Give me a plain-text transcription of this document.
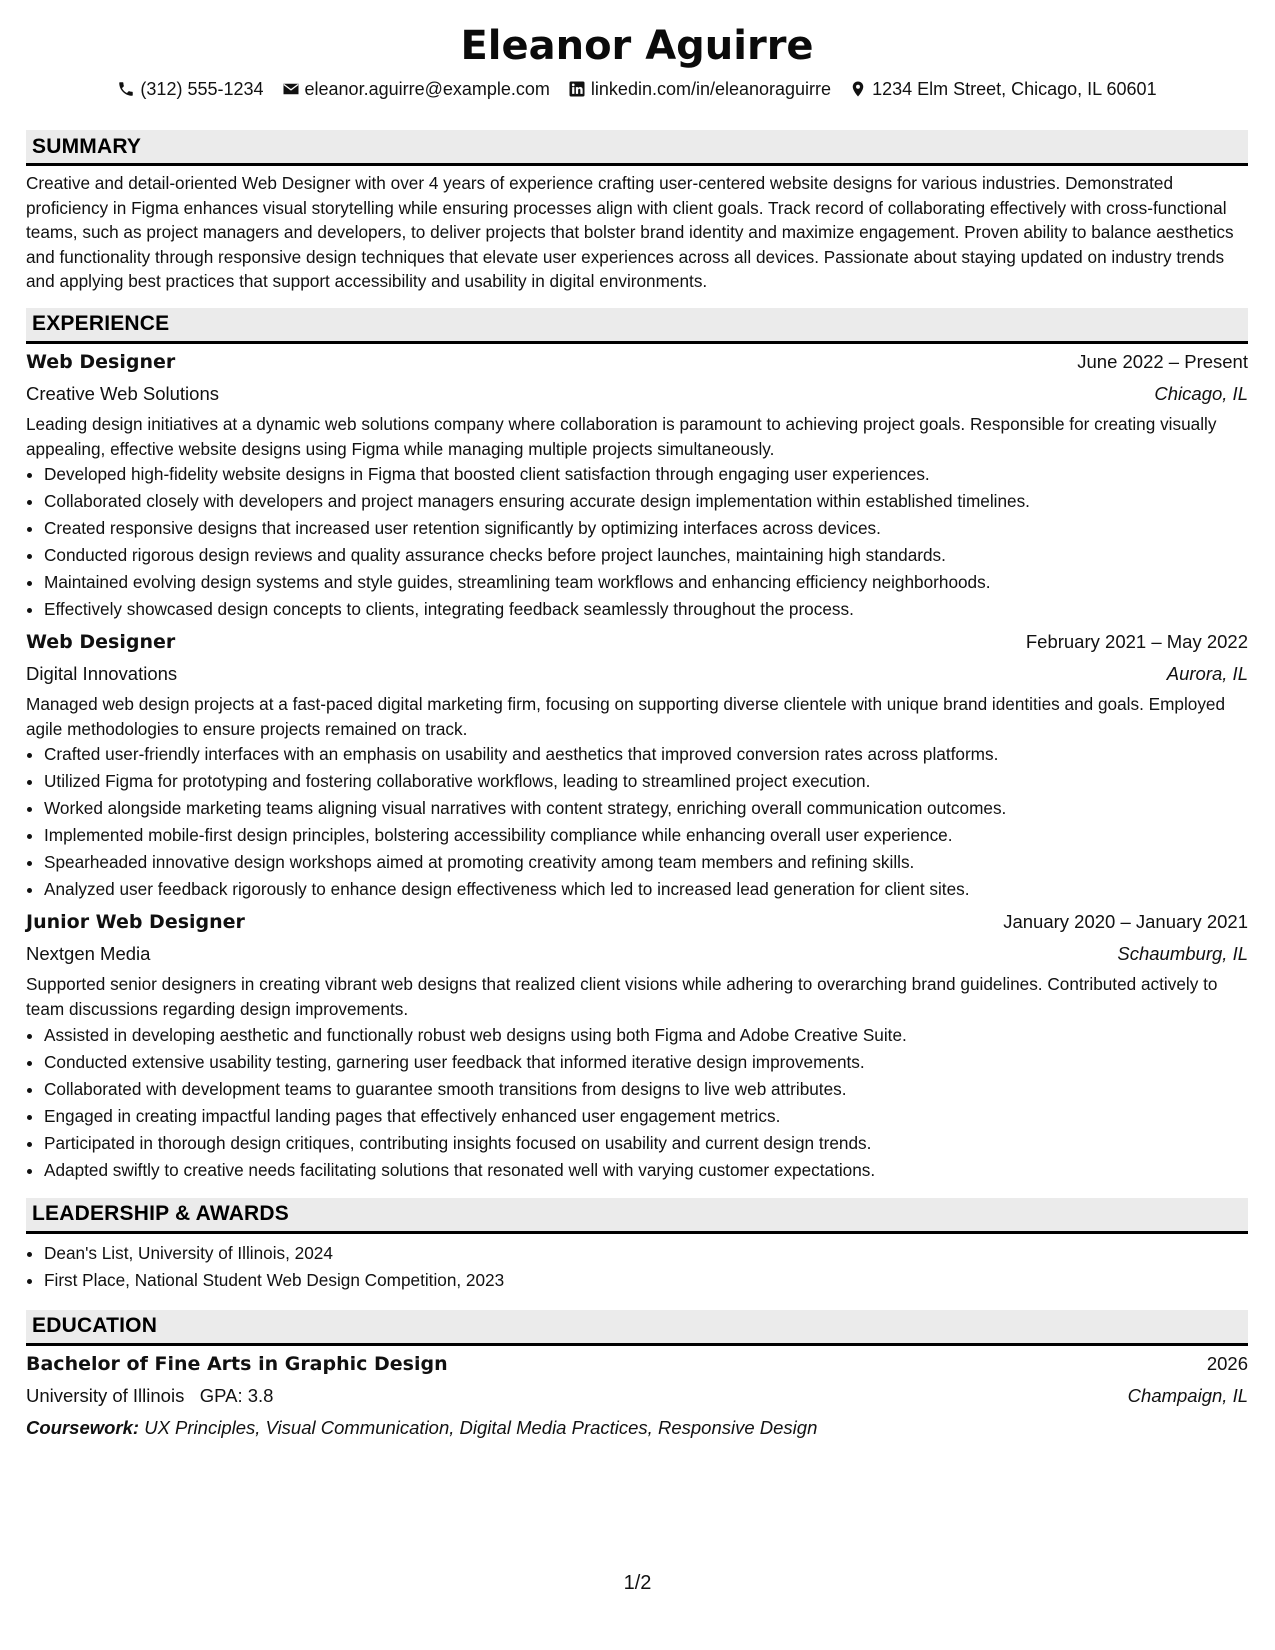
Eleanor Aguirre
(312) 555-1234 eleanor.aguirre@example.com linkedin.com/in/eleanoraguirre 1234 Elm Street, Chicago, IL 60601
SUMMARY

Creative and detail-oriented Web Designer with over 4 years of experience crafting user-centered website designs for various industries. Demonstrated proficiency in Figma enhances visual storytelling while ensuring processes align with client goals. Track record of collaborating effectively with cross-functional teams, such as project managers and developers, to deliver projects that bolster brand identity and maximize engagement. Proven ability to balance aesthetics and functionality through responsive design techniques that elevate user experiences across all devices. Passionate about staying updated on industry trends and applying best practices that support accessibility and usability in digital environments.

EXPERIENCE
Web Designer	June 2022 – Present
Creative Web Solutions	Chicago, IL

Leading design initiatives at a dynamic web solutions company where collaboration is paramount to achieving project goals. Responsible for creating visually appealing, effective website designs using Figma while managing multiple projects simultaneously.

• Developed high-fidelity website designs in Figma that boosted client satisfaction through engaging user experiences.
• Collaborated closely with developers and project managers ensuring accurate design implementation within established timelines.
• Created responsive designs that increased user retention significantly by optimizing interfaces across devices.
• Conducted rigorous design reviews and quality assurance checks before project launches, maintaining high standards.
• Maintained evolving design systems and style guides, streamlining team workflows and enhancing efficiency neighborhoods.
• Effectively showcased design concepts to clients, integrating feedback seamlessly throughout the process.
Web Designer	February 2021 – May 2022
Digital Innovations	Aurora, IL

Managed web design projects at a fast-paced digital marketing firm, focusing on supporting diverse clientele with unique brand identities and goals. Employed agile methodologies to ensure projects remained on track.

• Crafted user-friendly interfaces with an emphasis on usability and aesthetics that improved conversion rates across platforms.
• Utilized Figma for prototyping and fostering collaborative workflows, leading to streamlined project execution.
• Worked alongside marketing teams aligning visual narratives with content strategy, enriching overall communication outcomes.
• Implemented mobile-first design principles, bolstering accessibility compliance while enhancing overall user experience.
• Spearheaded innovative design workshops aimed at promoting creativity among team members and refining skills.
• Analyzed user feedback rigorously to enhance design effectiveness which led to increased lead generation for client sites.
Junior Web Designer	January 2020 – January 2021
Nextgen Media	Schaumburg, IL

Supported senior designers in creating vibrant web designs that realized client visions while adhering to overarching brand guidelines. Contributed actively to team discussions regarding design improvements.

• Assisted in developing aesthetic and functionally robust web designs using both Figma and Adobe Creative Suite.
• Conducted extensive usability testing, garnering user feedback that informed iterative design improvements.
• Collaborated with development teams to guarantee smooth transitions from designs to live web attributes.
• Engaged in creating impactful landing pages that effectively enhanced user engagement metrics.
• Participated in thorough design critiques, contributing insights focused on usability and current design trends.
• Adapted swiftly to creative needs facilitating solutions that resonated well with varying customer expectations.
LEADERSHIP & AWARDS
• Dean's List, University of Illinois, 2024
• First Place, National Student Web Design Competition, 2023
EDUCATION
Bachelor of Fine Arts in Graphic Design	2026
University of Illinois GPA: 3.8	Champaign, IL
Coursework: UX Principles, Visual Communication, Digital Media Practices, Responsive Design
1/2
